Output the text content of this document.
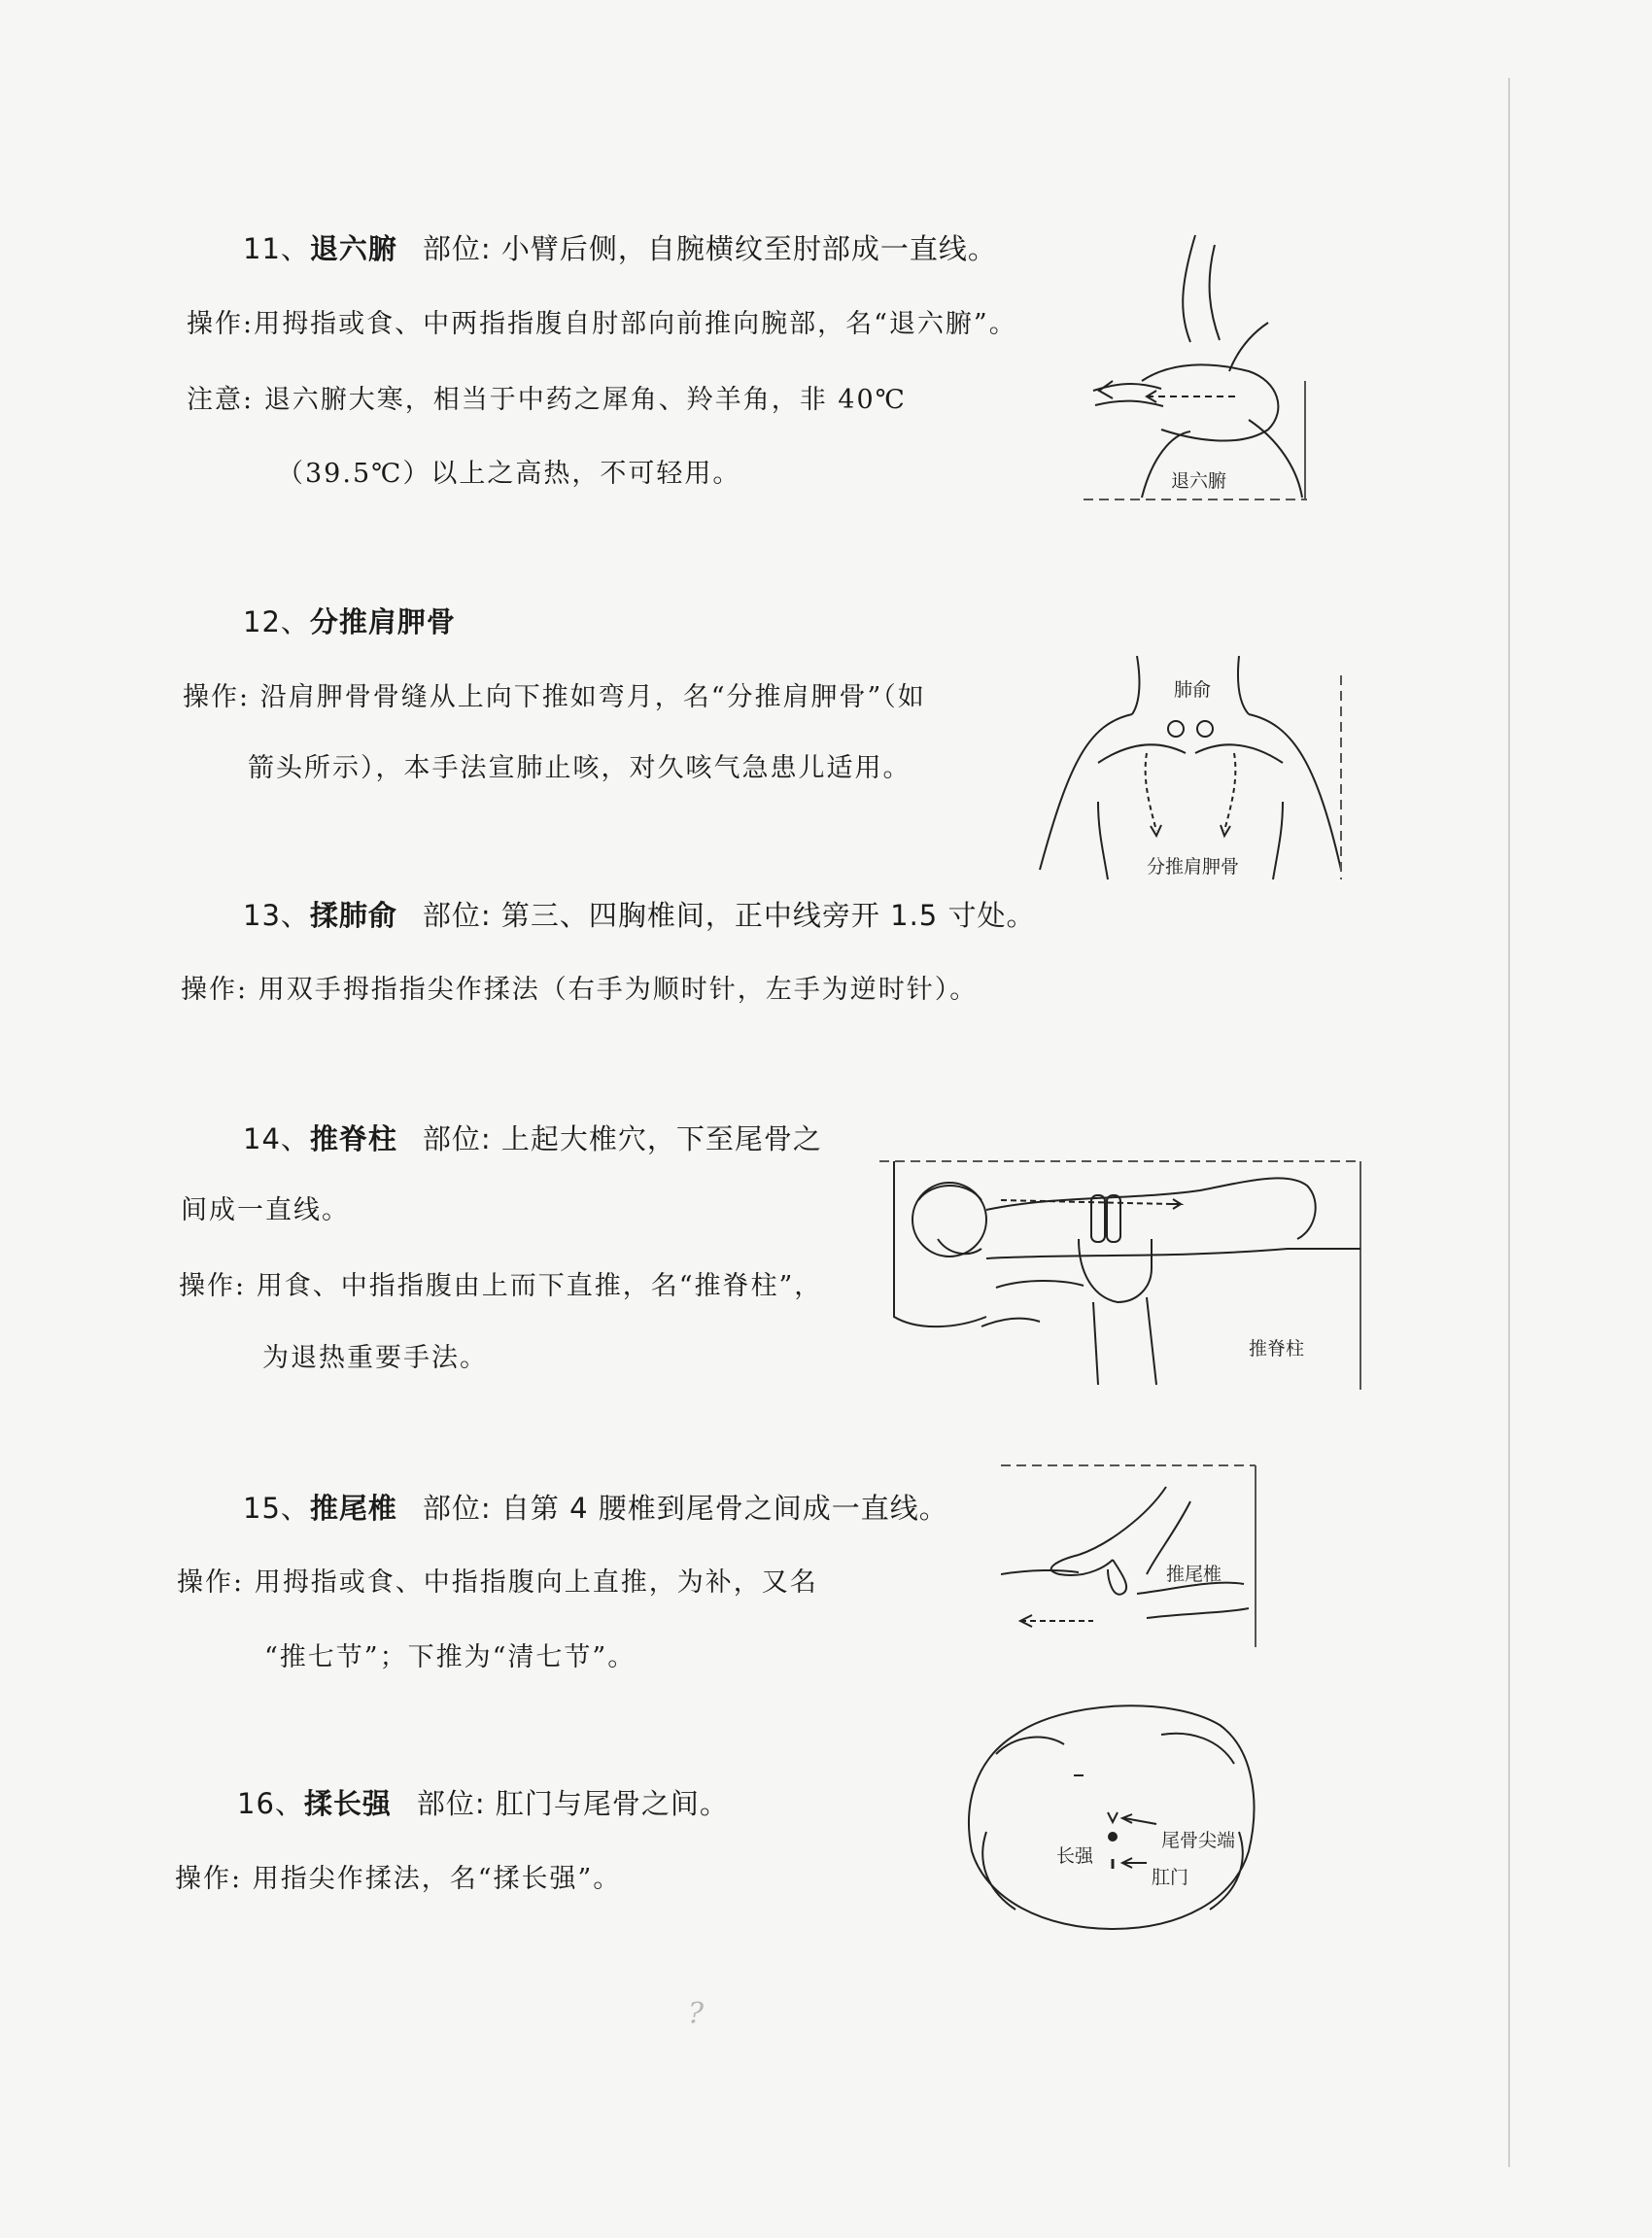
11、退六腑 部位: 小臂后侧，自腕横纹至肘部成一直线。
操作:用拇指或食、中两指指腹自肘部向前推向腕部，名“退六腑”。
注意: 退六腑大寒，相当于中药之犀角、羚羊角，非 40℃
（39.5℃）以上之高热，不可轻用。	退六腑
12、分推肩胛骨
操作: 沿肩胛骨骨缝从上向下推如弯月，名“分推肩胛骨”（如
箭头所示），本手法宣肺止咳，对久咳气急患儿适用。
肺俞
分推肩胛骨
13、揉肺俞 部位: 第三、四胸椎间，正中线旁开 1.5 寸处。
操作: 用双手拇指指尖作揉法（右手为顺时针，左手为逆时针）。
14、推脊柱 部位: 上起大椎穴，下至尾骨之
间成一直线。
操作: 用食、中指指腹由上而下直推，名“推脊柱”，
为退热重要手法。	推脊柱
15、推尾椎 部位: 自第 4 腰椎到尾骨之间成一直线。
操作: 用拇指或食、中指指腹向上直推，为补，又名
“推七节”；下推为“清七节”。
推尾椎
16、揉长强 部位: 肛门与尾骨之间。
操作: 用指尖作揉法，名“揉长强”。
长强
尾骨尖端
肛门
?
